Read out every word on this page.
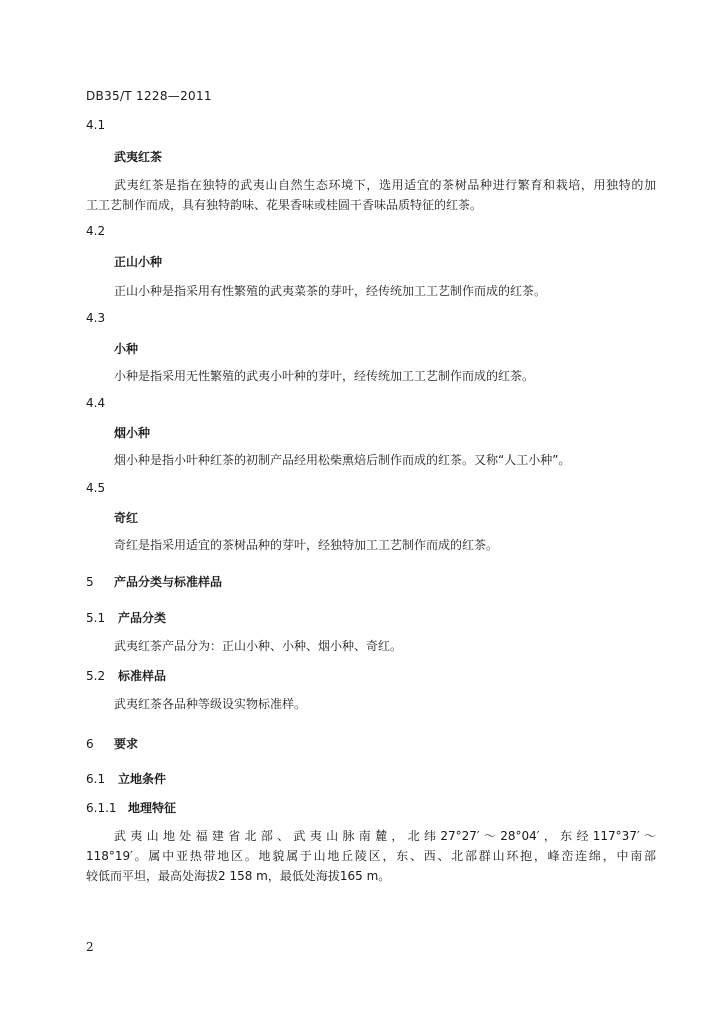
DB35/T 1228—2011
4.1
武夷红茶
武夷红茶是指在独特的武夷山自然生态环境下，选用适宜的茶树品种进行繁育和栽培，用独特的加
工工艺制作而成，具有独特韵味、花果香味或桂圆干香味品质特征的红茶。
4.2
正山小种
正山小种是指采用有性繁殖的武夷菜茶的芽叶，经传统加工工艺制作而成的红茶。
4.3
小种
小种是指采用无性繁殖的武夷小叶种的芽叶，经传统加工工艺制作而成的红茶。
4.4
烟小种
烟小种是指小叶种红茶的初制产品经用松柴熏焙后制作而成的红茶。又称“人工小种”。
4.5
奇红
奇红是指采用适宜的茶树品种的芽叶，经独特加工工艺制作而成的红茶。
5 产品分类与标准样品
5.1 产品分类
武夷红茶产品分为：正山小种、小种、烟小种、奇红。
5.2 标准样品
武夷红茶各品种等级设实物标准样。
6 要求
6.1 立地条件
6.1.1 地理特征
武夷山地处福建省北部、武夷山脉南麓，北纬27°27′～28°04′，东经117°37′～
118°19′。属中亚热带地区。地貌属于山地丘陵区，东、西、北部群山环抱，峰峦连绵，中南部
较低而平坦，最高处海拔2 158 m，最低处海拔165 m。
2
